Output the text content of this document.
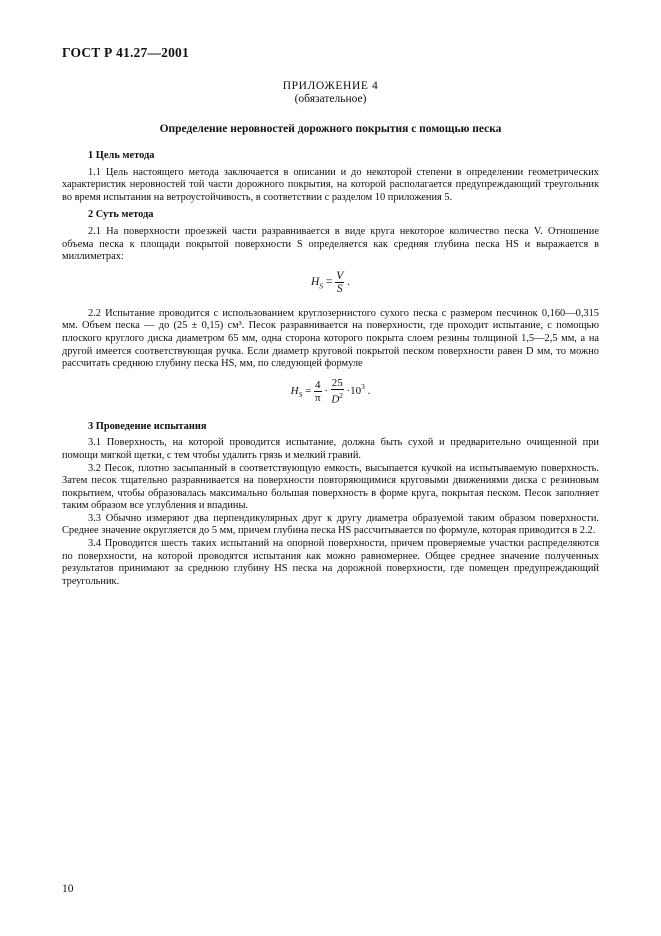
ГОСТ Р 41.27—2001
ПРИЛОЖЕНИЕ 4
(обязательное)
Определение неровностей дорожного покрытия с помощью песка
1 Цель метода

1.1 Цель настоящего метода заключается в описании и до некоторой степени в определении геометрических характеристик неровностей той части дорожного покрытия, на которой располагается предупреждающий треугольник во время испытания на ветроустойчивость, в соответствии с разделом 10 приложения 5.

2 Суть метода

2.1 На поверхности проезжей части разравнивается в виде круга некоторое количество песка V. Отношение объема песка к площади покрытой поверхности S определяется как средняя глубина песка HS и выражается в миллиметрах:

$H_S = \frac{V}{S}$ .

2.2 Испытание проводится с использованием круглозернистого сухого песка с размером песчинок 0,160—0,315 мм. Объем песка — до (25 ± 0,15) см³. Песок разравнивается на поверхности, где проходит испытание, с помощью плоского круглого диска диаметром 65 мм, одна сторона которого покрыта слоем резины толщиной 1,5—2,5 мм, а на другой имеется соответствующая ручка. Если диаметр круговой покрытой песком поверхности равен D мм, то можно рассчитать среднюю глубину песка HS, мм, по следующей формуле

$H_S = \frac{4}{\pi} \cdot \frac{25}{D^2} \cdot 10^3$ .
3 Проведение испытания

3.1 Поверхность, на которой проводится испытание, должна быть сухой и предварительно очищенной при помощи мягкой щетки, с тем чтобы удалить грязь и мелкий гравий.

3.2 Песок, плотно засыпанный в соответствующую емкость, высыпается кучкой на испытываемую поверхность. Затем песок тщательно разравнивается на поверхности повторяющимися круговыми движениями диска с резиновым покрытием, чтобы образовалась максимально большая поверхность в форме круга, покрытая песком. Песок заполняет таким образом все углубления и впадины.

3.3 Обычно измеряют два перпендикулярных друг к другу диаметра образуемой таким образом поверхности. Среднее значение округляется до 5 мм, причем глубина песка HS рассчитывается по формуле, которая приводится в 2.2.

3.4 Проводится шесть таких испытаний на опорной поверхности, причем проверяемые участки распределяются по поверхности, на которой проводятся испытания как можно равномернее. Общее среднее значение полученных результатов принимают за среднюю глубину HS песка на дорожной поверхности, где помещен предупреждающий треугольник.

10
